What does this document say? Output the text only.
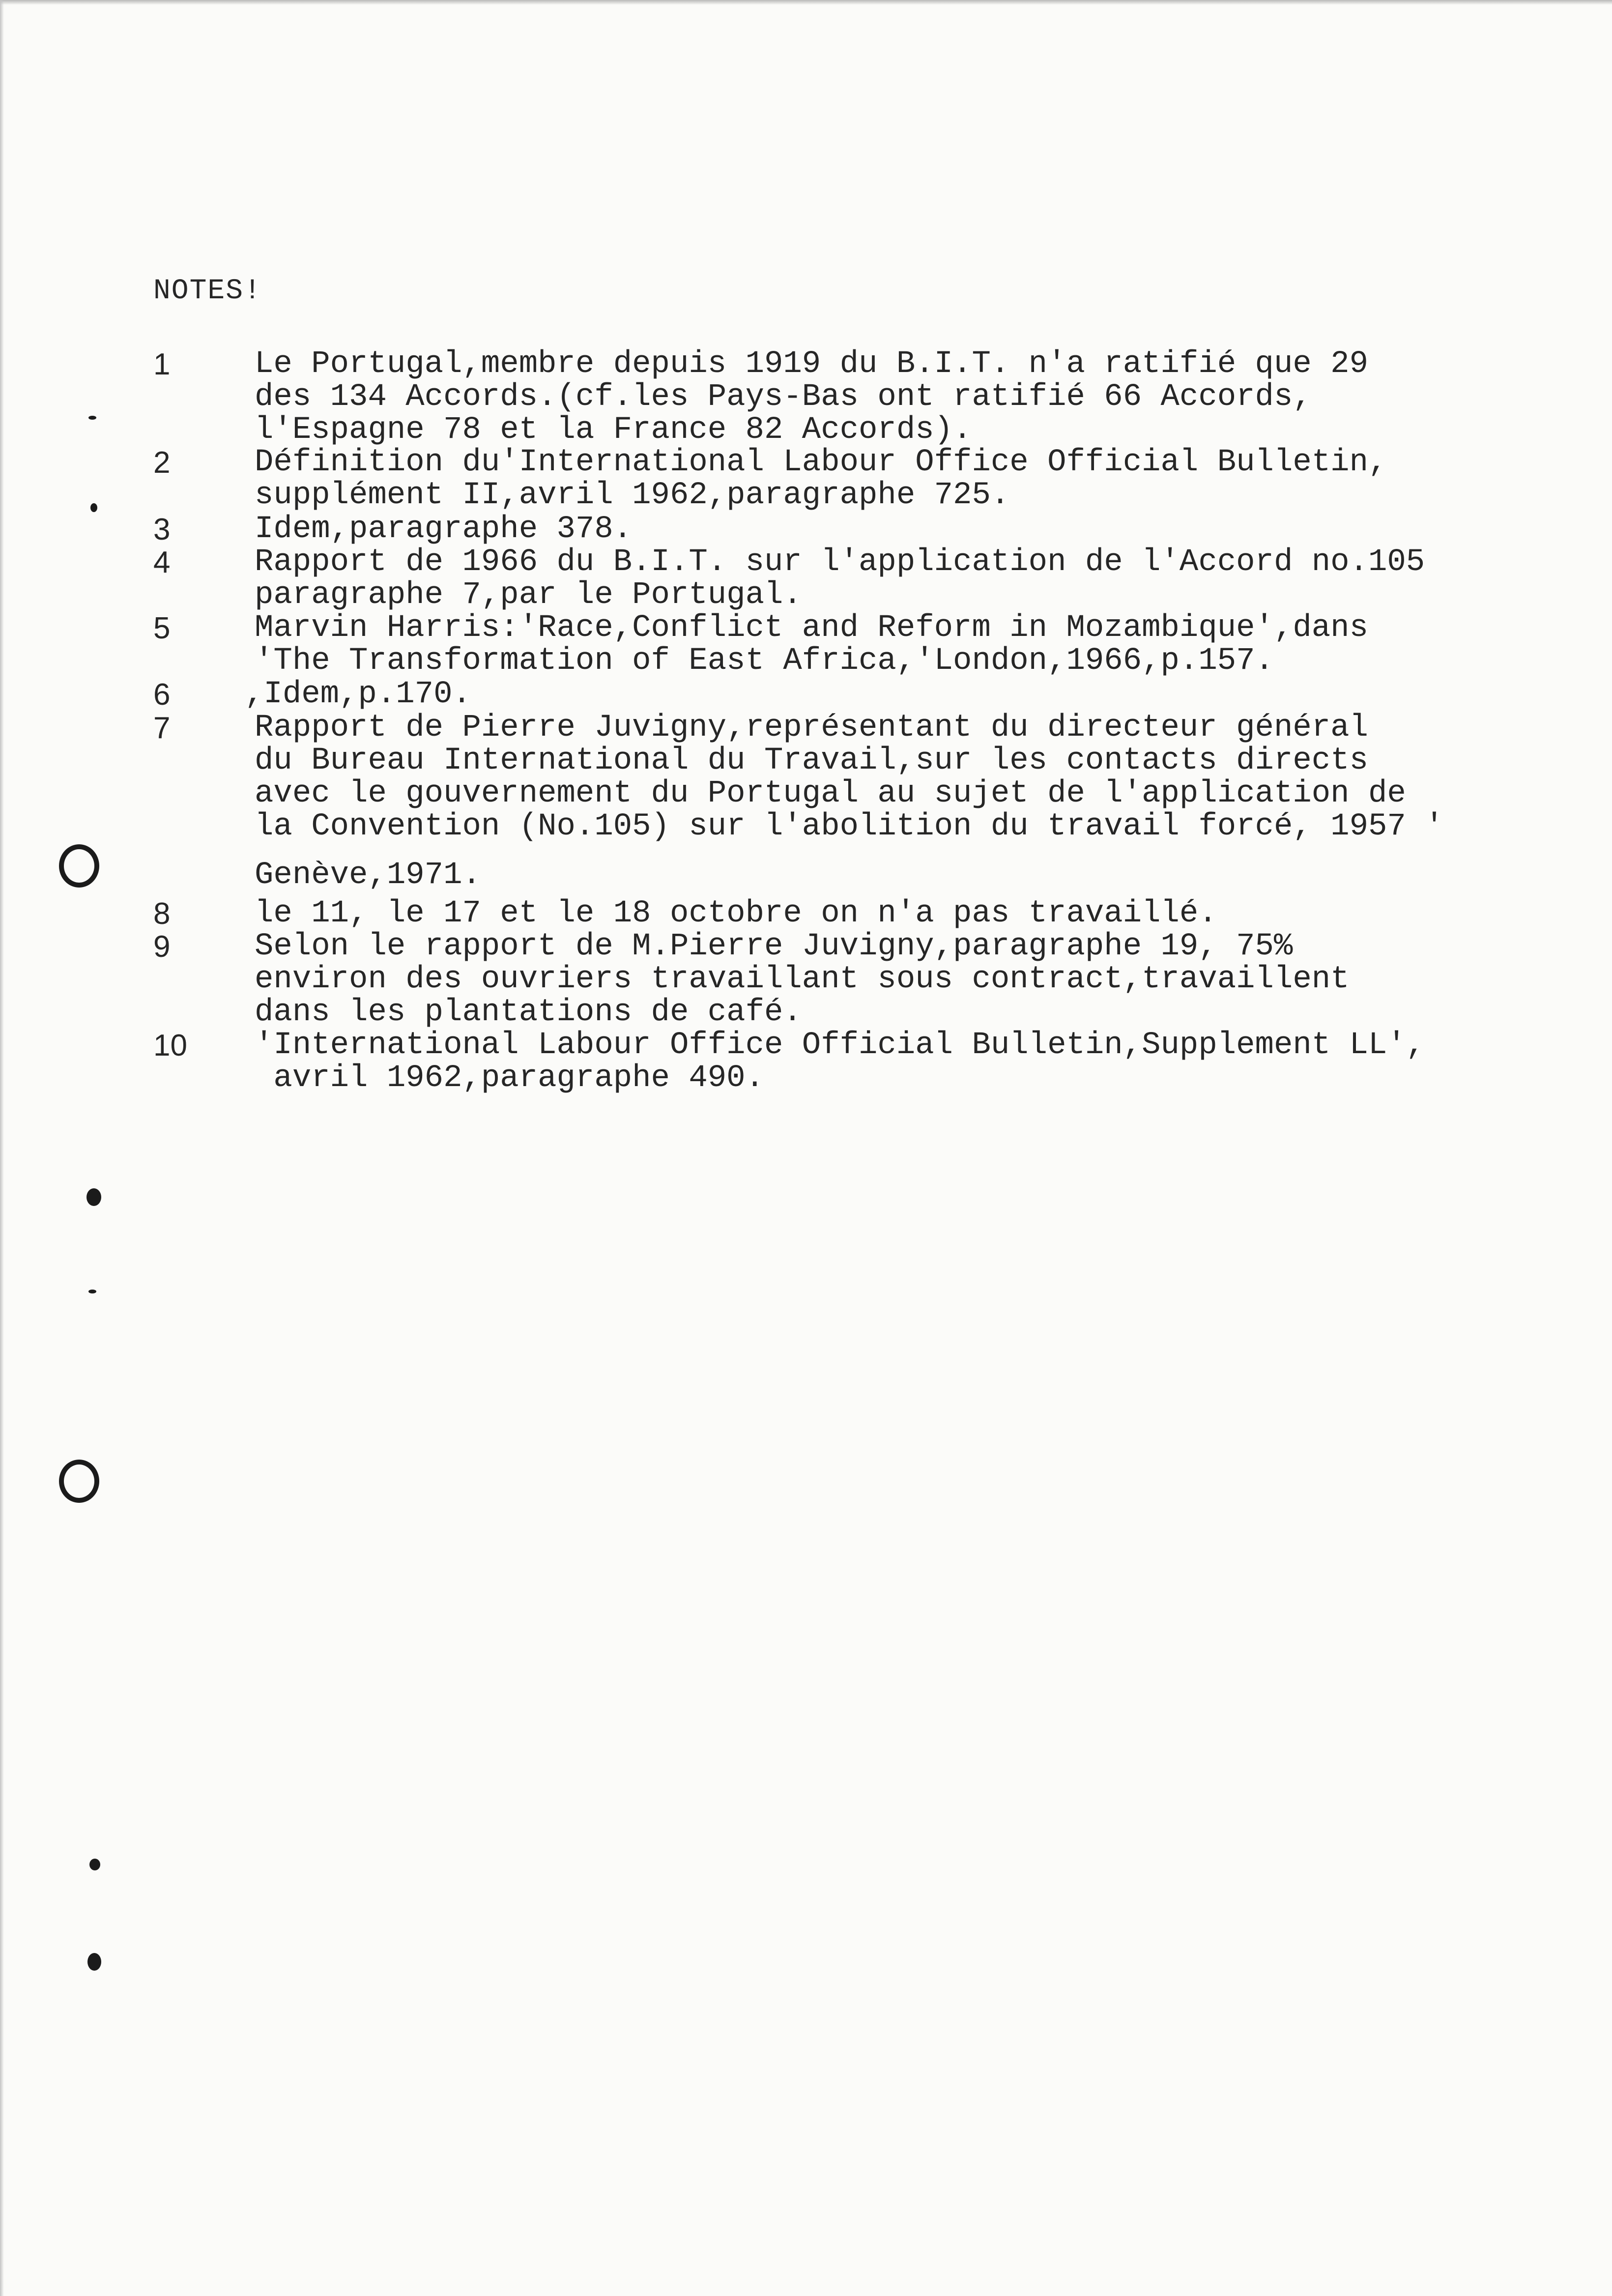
NOTES!
1	Le Portugal,membre depuis 1919 du B.I.T. n'a ratifié que 29
des 134 Accords.(cf.les Pays-Bas ont ratifié 66 Accords,
l'Espagne 78 et la France 82 Accords).
2	Définition du'International Labour Office Official Bulletin,
supplément II,avril 1962,paragraphe 725.
3	Idem,paragraphe 378.
4	Rapport de 1966 du B.I.T. sur l'application de l'Accord no.105
paragraphe 7,par le Portugal.
5	Marvin Harris:'Race,Conflict and Reform in Mozambique',dans
'The Transformation of East Africa,'London,1966,p.157.
6	,Idem,p.170.
7	Rapport de Pierre Juvigny,représentant du directeur général
du Bureau International du Travail,sur les contacts directs
avec le gouvernement du Portugal au sujet de l'application de
la Convention (No.105) sur l'abolition du travail forcé, 1957 '
Genève,1971.
8	le 11, le 17 et le 18 octobre on n'a pas travaillé.
9	Selon le rapport de M.Pierre Juvigny,paragraphe 19, 75%
environ des ouvriers travaillant sous contract,travaillent
dans les plantations de café.
10	'International Labour Office Official Bulletin,Supplement LL',
avril 1962,paragraphe 490.
